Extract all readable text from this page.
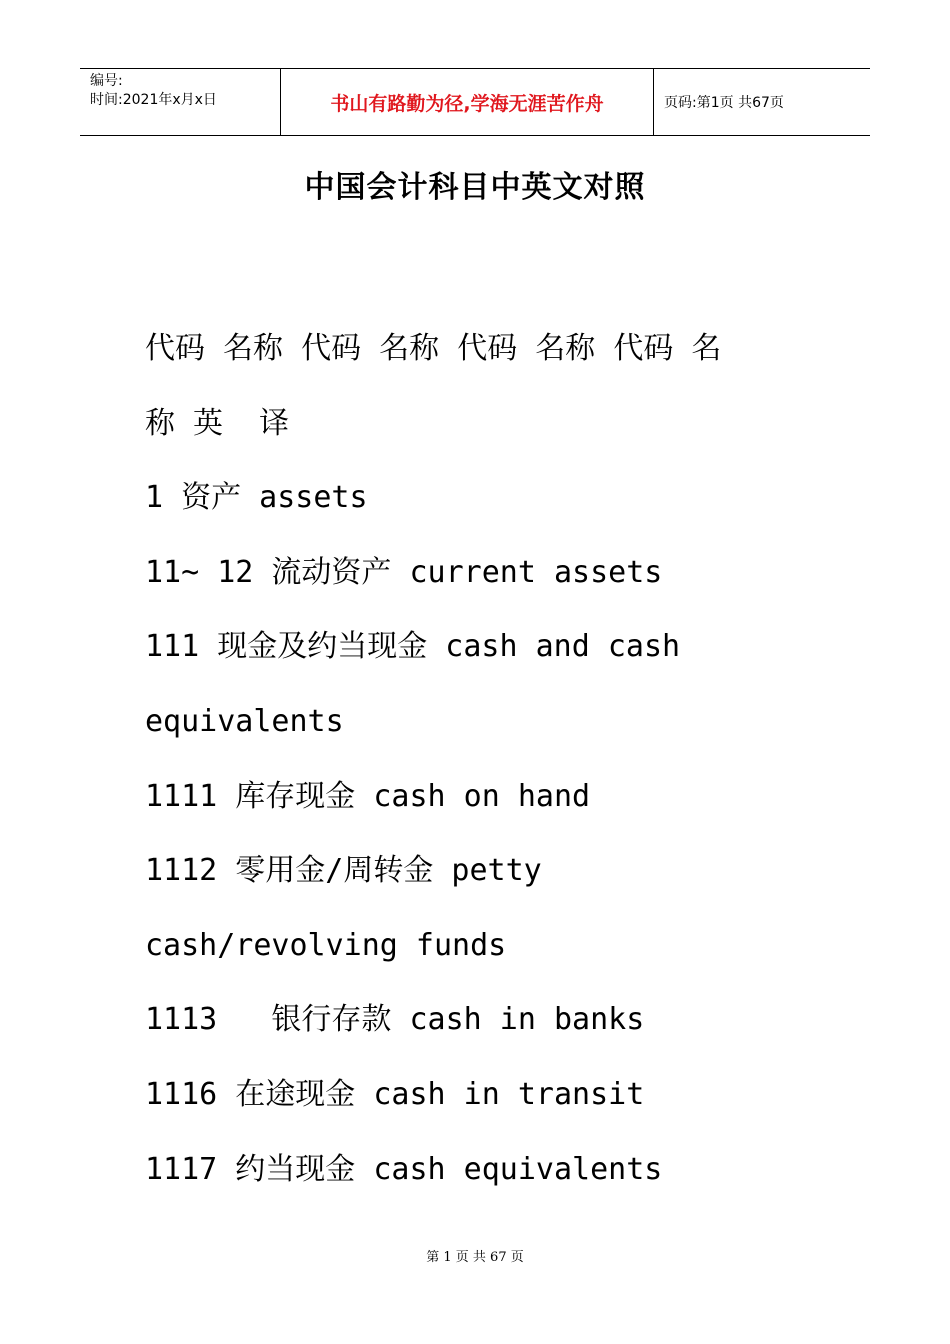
编号:
时间:2021年x月x日	书山有路勤为径,学海无涯苦作舟	页码:第1页 共67页
中国会计科目中英文对照
代码 名称 代码 名称 代码 名称 代码 名
称 英  译
1 资产 assets
11~ 12 流动资产 current assets
111 现金及约当现金 cash and cash
equivalents
1111 库存现金 cash on hand
1112 零用金/周转金 petty
cash/revolving funds
1113   银行存款 cash in banks
1116 在途现金 cash in transit
1117 约当现金 cash equivalents
第 1 页 共 67 页
